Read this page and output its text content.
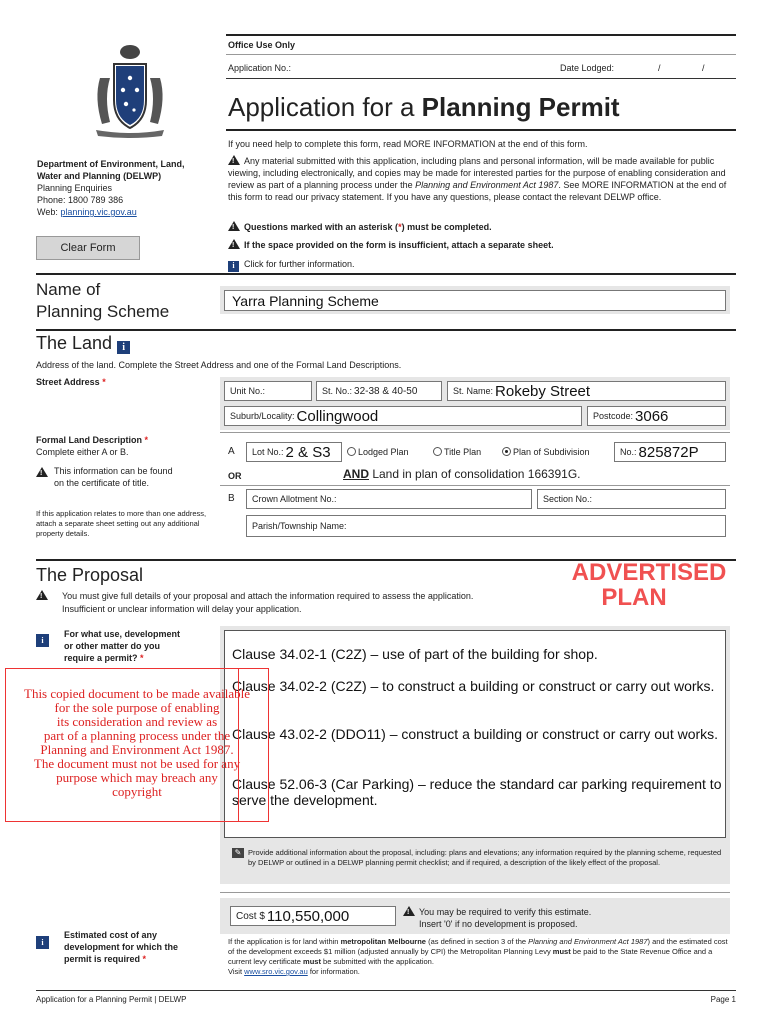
Office Use Only
Application No.:	Date Lodged:	/	/
Application for a Planning Permit
Department of Environment, Land,
Water and Planning (DELWP)
Planning Enquiries
Phone: 1800 789 386
Web: planning.vic.gov.au
If you need help to complete this form, read MORE INFORMATION at the end of this form.
!Any material submitted with this application, including plans and personal information, will be made available for public viewing, including electronically, and copies may be made for interested parties for the purpose of enabling consideration and review as part of a planning process under the Planning and Environment Act 1987. See MORE INFORMATION at the end of this form to read our privacy statement. If you have any questions, please contact the relevant DELWP office.
!Questions marked with an asterisk (*) must be completed.
!If the space provided on the form is insufficient, attach a separate sheet.
i Click for further information.
Clear Form
Name of
Planning Scheme
Yarra Planning Scheme
The Land i
Address of the land. Complete the Street Address and one of the Formal Land Descriptions.
Street Address *
Unit No.:	St. No.: 32-38 & 40-50	St. Name: Rokeby Street
Suburb/Locality: Collingwood	Postcode: 3066
Formal Land Description *
Complete either A or B.
!
This information can be found on the certificate of title.
If this application relates to more than one address, attach a separate sheet setting out any additional property details.
A Lot No.: 2 & S3	Lodged Plan	Title Plan	Plan of Subdivision	No.: 825872P
OR	AND Land in plan of consolidation 166391G.
B Crown Allotment No.:	Section No.:
Parish/Township Name:
The Proposal	ADVERTISED
PLAN
!You must give full details of your proposal and attach the information required to assess the application.
Insufficient or unclear information will delay your application.
i
For what use, development
or other matter do you
require a permit? *	Clause 34.02-1 (C2Z) – use of part of the building for shop.
Clause 34.02-2 (C2Z) – to construct a building or construct or carry out works.
Clause 43.02-2 (DDO11) – construct a building or construct or carry out works.
Clause 52.06-3 (Car Parking) – reduce the standard car parking requirement to serve the development.
✎ Provide additional information about the proposal, including: plans and elevations; any information required by the planning scheme, requested by DELWP or outlined in a DELWP planning permit checklist; and if required, a description of the likely effect of the proposal.
This copied document to be made available
for the sole purpose of enabling
its consideration and review as
part of a planning process under the
Planning and Environment Act 1987.
The document must not be used for any
purpose which may breach any
copyright
i
Estimated cost of any
development for which the
permit is required *
Cost $ 110,550,000
!	You may be required to verify this estimate.
Insert '0' if no development is proposed.
If the application is for land within metropolitan Melbourne (as defined in section 3 of the Planning and Environment Act 1987) and the estimated cost of the development exceeds $1 million (adjusted annually by CPI) the Metropolitan Planning Levy must be paid to the State Revenue Office and a current levy certificate must be submitted with the application.
Visit www.sro.vic.gov.au for information.
Application for a Planning Permit | DELWP	Page 1
